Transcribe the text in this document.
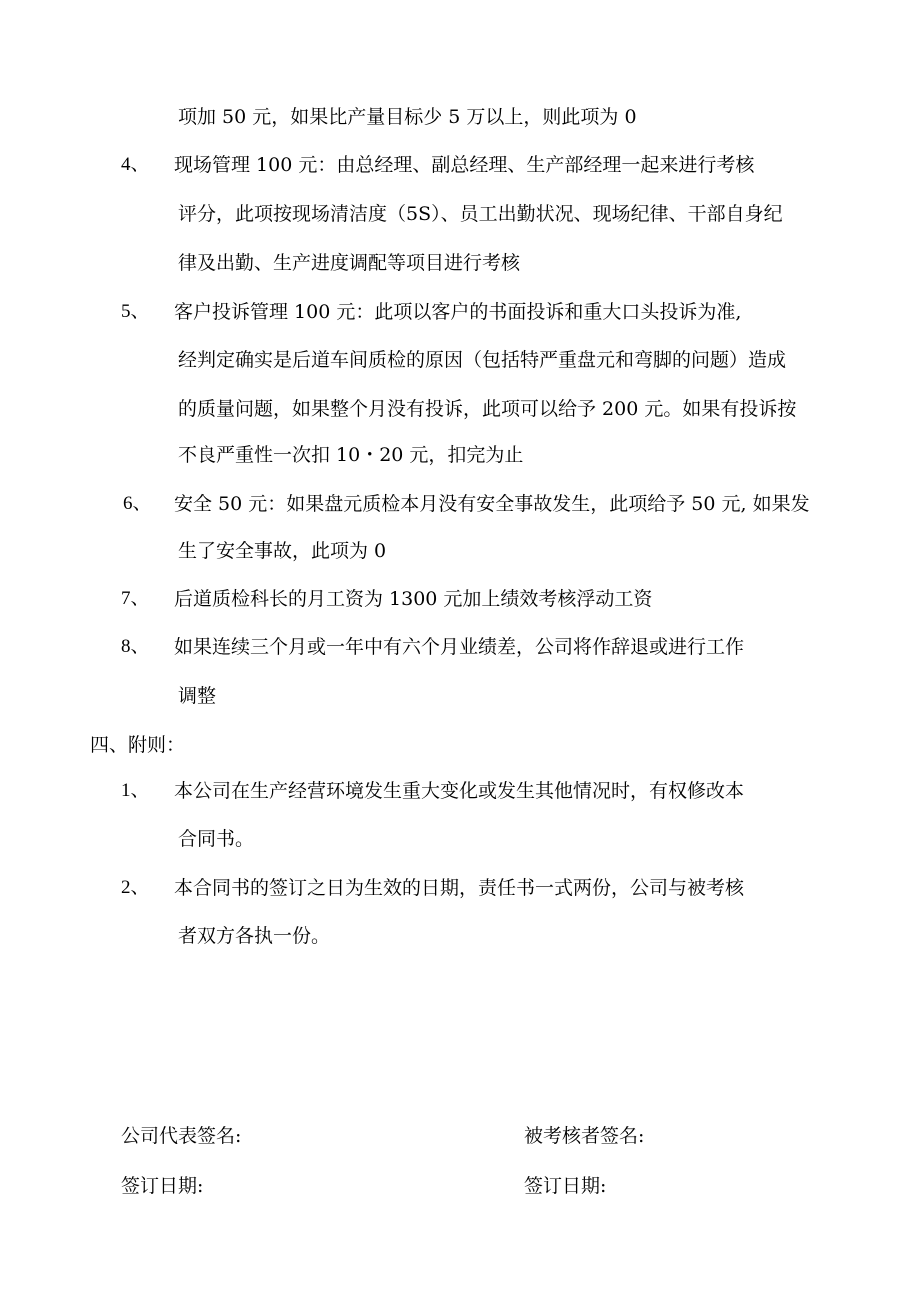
项加 50 元，如果比产量目标少 5 万以上，则此项为 0
4、 现场管理 100 元：由总经理、副总经理、生产部经理一起来进行考核
评分，此项按现场清洁度（5S）、员工出勤状况、现场纪律、干部自身纪
律及出勤、生产进度调配等项目进行考核
5、 客户投诉管理 100 元：此项以客户的书面投诉和重大口头投诉为准,
经判定确实是后道车间质检的原因（包括特严重盘元和弯脚的问题）造成
的质量问题，如果整个月没有投诉，此项可以给予 200 元。如果有投诉按
不良严重性一次扣 10・20 元，扣完为止
6、 安全 50 元：如果盘元质检本月没有安全事故发生，此项给予 50 元, 如果发
生了安全事故，此项为 0
7、 后道质检科长的月工资为 1300 元加上绩效考核浮动工资
8、 如果连续三个月或一年中有六个月业绩差，公司将作辞退或进行工作
调整
四、附则：
1、 本公司在生产经营环境发生重大变化或发生其他情况时，有权修改本
合同书。
2、 本合同书的签订之日为生效的日期，责任书一式两份，公司与被考核
者双方各执一份。
公司代表签名:
签订日期:
被考核者签名:
签订日期:
